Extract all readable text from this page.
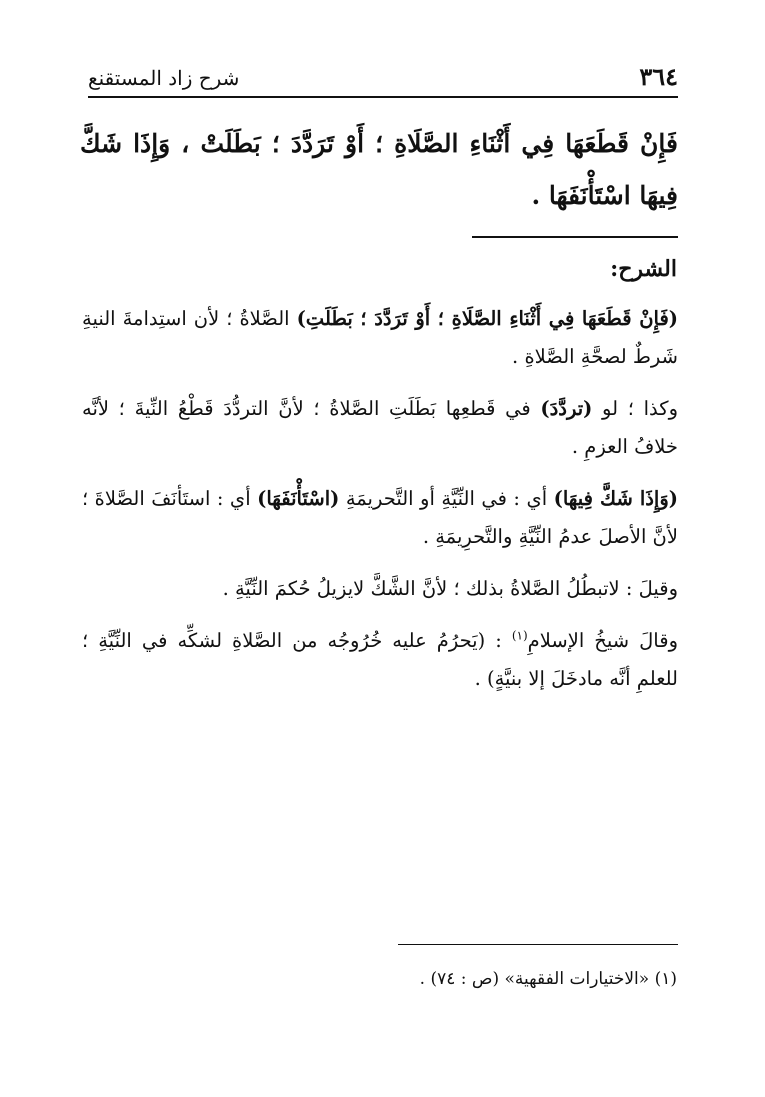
٣٦٤
شرح زاد المستقنع
فَإِنْ قَطَعَهَا فِي أَثْنَاءِ الصَّلَاةِ ؛ أَوْ تَرَدَّدَ ؛ بَطَلَتْ ، وَإِذَا شَكَّ فِيهَا اسْتَأْنَفَهَا .
الشرح:

(فَإِنْ قَطَعَهَا فِي أَثْنَاءِ الصَّلَاةِ ؛ أَوْ تَرَدَّدَ ؛ بَطَلَتِ) الصَّلاةُ ؛ لأن استِدامةَ النيةِ شَرطٌ لصحَّةِ الصَّلاةِ .

وكذا ؛ لو (تردَّدَ) في قَطعِها بَطَلَتِ الصَّلاةُ ؛ لأنَّ التردُّدَ قَطْعُ النِّيةَ ؛ لأنَّه خلافُ العزمِ .

(وَإِذَا شَكَّ فِيهَا) أي : في النِّيَّةِ أو التَّحريمَةِ (اسْتَأْنَفَهَا) أي : استَأنَفَ الصَّلاةَ ؛ لأنَّ الأصلَ عدمُ النِّيَّةِ والتَّحرِيمَةِ .

وقيلَ : لاتبطُلُ الصَّلاةُ بذلك ؛ لأنَّ الشَّكَّ لايزيلُ حُكمَ النِّيَّةِ .

وقالَ شيخُ الإسلامِ$^{(١)}$ : (يَحرُمُ عليه خُرُوجُه من الصَّلاةِ لشكِّه في النِّيَّةِ ؛ للعلمِ أنَّه مادخَلَ إلا بنيَّةٍ) .

(١) «الاختيارات الفقهية» (ص : ٧٤) .
